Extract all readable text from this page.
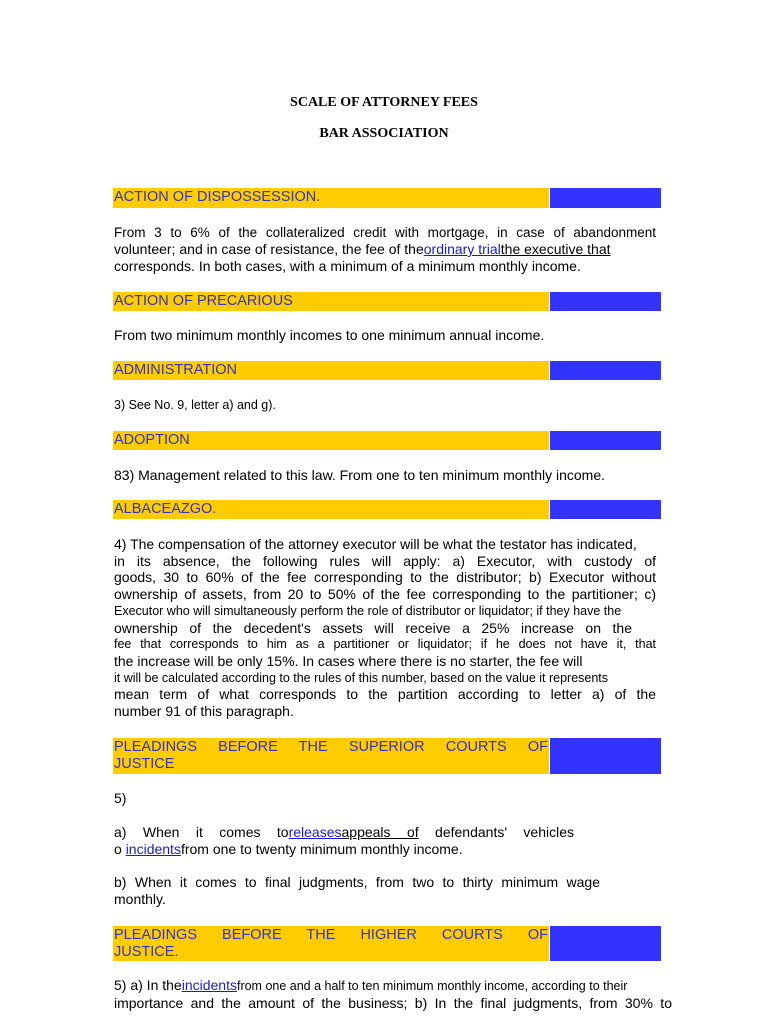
SCALE OF ATTORNEY FEES
BAR ASSOCIATION
ACTION OF DISPOSSESSION.
From 3 to 6% of the collateralized credit with mortgage, in case of abandonment
volunteer; and in case of resistance, the fee of theordinary trialthe executive that
corresponds. In both cases, with a minimum of a minimum monthly income.
ACTION OF PRECARIOUS
From two minimum monthly incomes to one minimum annual income.
ADMINISTRATION
3) See No. 9, letter a) and g).
ADOPTION
83) Management related to this law. From one to ten minimum monthly income.
ALBACEAZGO.
4) The compensation of the attorney executor will be what the testator has indicated,
in its absence, the following rules will apply: a) Executor, with custody of
goods, 30 to 60% of the fee corresponding to the distributor; b) Executor without
ownership of assets, from 20 to 50% of the fee corresponding to the partitioner; c)
Executor who will simultaneously perform the role of distributor or liquidator; if they have the
ownership of the decedent's assets will receive a 25% increase on the
fee that corresponds to him as a partitioner or liquidator; if he does not have it, that
the increase will be only 15%. In cases where there is no starter, the fee will
it will be calculated according to the rules of this number, based on the value it represents
mean term of what corresponds to the partition according to letter a) of the
number 91 of this paragraph.
PLEADINGS BEFORE THE SUPERIOR COURTS OF
JUSTICE
5)
a) When it comes toreleasesappeals of defendants' vehicles
o incidentsfrom one to twenty minimum monthly income.
b) When it comes to final judgments, from two to thirty minimum wage
monthly.
PLEADINGS BEFORE THE HIGHER COURTS OF
JUSTICE.
5) a) In theincidentsfrom one and a half to ten minimum monthly income, according to their
importance and the amount of the business; b) In the final judgments, from 30% to
